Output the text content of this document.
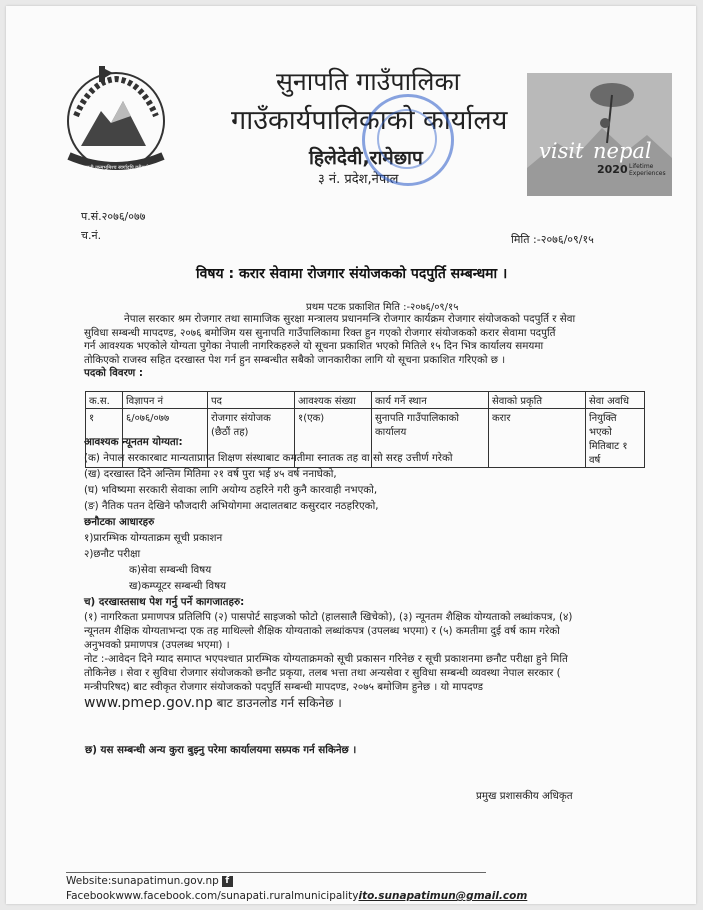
जननी जन्मभूमिश्च स्वर्गादपि गरीयसी
सुनापति गाउँपालिका
गाउँकार्यपालिकाको कार्यालय
हिलेदेवी,रामेछाप
३ नं. प्रदेश,नेपाल
visit nepal
2020 Lifetime
Experiences
प.सं.२०७६/०७७
च.नं.	मिति :-२०७६/०९/१५
विषय : करार सेवामा रोजगार संयोजकको पदपुर्ति सम्बन्धमा ।
प्रथम पटक प्रकाशित मिति :-२०७६/०९/१५
नेपाल सरकार श्रम रोजगार तथा सामाजिक सुरक्षा मन्त्रालय प्रधानमन्त्रि रोजगार कार्यक्रम रोजगार संयोजकको पदपुर्ति र सेवा
सुविधा सम्बन्धी मापदण्ड, २०७६ बमोजिम यस सुनापति गाउँपालिकामा रिक्त हुन गएको रोजगार संयोजकको करार सेवामा पदपुर्ति
गर्न आवश्यक भएकोले योग्यता पुगेका नेपाली नागरिकहरुले यो सूचना प्रकाशित भएको मितिले १५ दिन भित्र कार्यालय समयमा
तोकिएको राजस्व सहित दरखास्त पेश गर्न हुन सम्बन्धीत सबैको जानकारीका लागि यो सूचना प्रकाशित गरिएको छ ।
पदको विवरण :
क.स.	विज्ञापन नं	पद	आवश्यक संख्या	कार्य गर्ने स्थान	सेवाको प्रकृति	सेवा अवधि
१	६/०७६/०७७	रोजगार संयोजक (छैठौं तह)	१(एक)	सुनापति गाउँपालिकाको कार्यालय	करार	नियुक्ति भएको मितिबाट १ वर्ष
आवश्यक न्यूनतम योग्यता:
(क) नेपाल सरकारबाट मान्यताप्राप्त शिक्षण संस्थाबाट कमतीमा स्नातक तह वा सो सरह उत्तीर्ण गरेको
(ख) दरखास्त दिने अन्तिम मितिमा २१ वर्ष पुरा भई ४५ वर्ष ननाघेको,
(घ) भविष्यमा सरकारी सेवाका लागि अयोग्य ठहरिने गरी कुनै कारवाही नभएको,
(ङ) नैतिक पतन देखिने फौजदारी अभियोगमा अदालतबाट कसुरदार नठहरिएको,
छनौटका आधारहरु
१)प्रारम्भिक योग्यताक्रम सूची प्रकाशन
२)छनौट परीक्षा
क)सेवा सम्बन्धी विषय
ख)कम्प्यूटर सम्बन्धी विषय
च) दरखास्तसाथ पेश गर्नु पर्ने कागजातहरु:
(१) नागरिकता प्रमाणपत्र प्रतिलिपि (२) पासपोर्ट साइजको फोटो (हालसालै खिचेको), (३) न्यूनतम शैक्षिक योग्यताको लब्धांकपत्र, (४)
न्यूनतम शैक्षिक योग्यताभन्दा एक तह माथिल्लो शैक्षिक योग्यताको लब्धांकपत्र (उपलब्ध भएमा) र (५) कमतीमा दुई वर्ष काम गरेको
अनुभवको प्रमाणपत्र (उपलब्ध भएमा) ।
नोट :-आवेदन दिने म्याद समाप्त भएपश्चात प्रारम्भिक योग्यताक्रमको सूची प्रकासन गरिनेछ र सूची प्रकाशनमा छनौट परीक्षा हुने मिति
तोकिनेछ । सेवा र सुविधा रोजगार संयोजकको छनौट प्रकृया, तलब भत्ता तथा अन्यसेवा र सुविधा सम्बन्धी व्यवस्था नेपाल सरकार (
मन्त्रीपरिषद) बाट स्वीकृत रोजगार संयोजकको पदपुर्ति सम्बन्धी मापदण्ड, २०७५ बमोजिम हुनेछ । यो मापदण्ड
www.pmep.gov.np बाट डाउनलोड गर्न सकिनेछ ।
छ) यस सम्बन्धी अन्य कुरा बुझ्नु परेमा कार्यालयमा सम्र्पक गर्न सकिनेछ ।
प्रमुख प्रशासकीय अधिकृत
Website:sunapatimun.gov.np f
Facebookwww.facebook.com/sunapati.ruralmunicipalityito.sunapatimun@gmail.com
